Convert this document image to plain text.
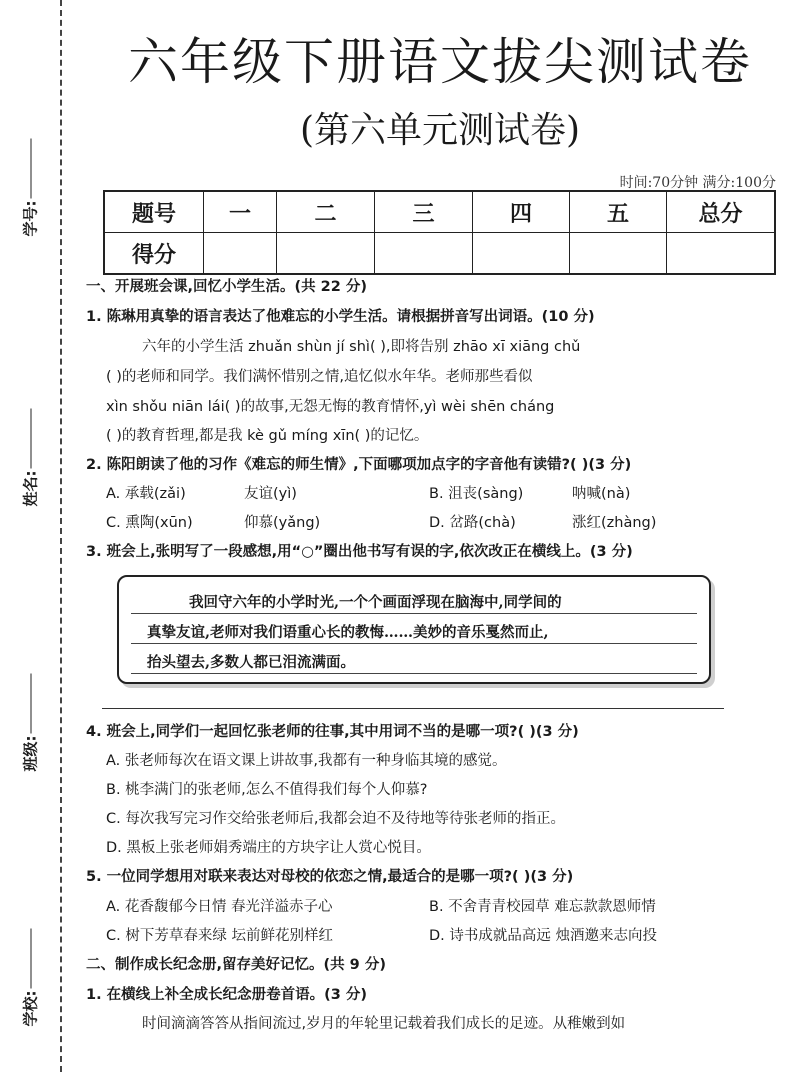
学号:
姓名:
班级:
学校:
六年级下册语文拔尖测试卷
(第六单元测试卷)
时间:70分钟 满分:100分
题号	一	二	三	四	五	总分
得分						
一、开展班会课,回忆小学生活。(共 22 分)
1. 陈琳用真挚的语言表达了他难忘的小学生活。请根据拼音写出词语。(10 分)
六年的小学生活 zhuǎn shùn jí shì( ),即将告别 zhāo xī xiāng chǔ
( )的老师和同学。我们满怀惜别之情,追忆似水年华。老师那些看似
xìn shǒu niān lái( )的故事,无怨无悔的教育情怀,yì wèi shēn cháng
( )的教育哲理,都是我 kè gǔ míng xīn( )的记忆。
2. 陈阳朗读了他的习作《难忘的师生情》,下面哪项加点字的字音他有读错?( )(3 分)
A. 承载(zǎi)	友谊(yì)	B. 沮丧(sàng)	呐喊(nà)
C. 熏陶(xūn)	仰慕(yǎng)	D. 岔路(chà)	涨红(zhàng)
3. 班会上,张明写了一段感想,用“○”圈出他书写有误的字,依次改正在横线上。(3 分)
我回守六年的小学时光,一个个画面浮现在脑海中,同学间的
真挚友谊,老师对我们语重心长的教悔……美妙的音乐戛然而止,
抬头望去,多数人都已泪流满面。
4. 班会上,同学们一起回忆张老师的往事,其中用词不当的是哪一项?( )(3 分)
A. 张老师每次在语文课上讲故事,我都有一种身临其境的感觉。
B. 桃李满门的张老师,怎么不值得我们每个人仰慕?
C. 每次我写完习作交给张老师后,我都会迫不及待地等待张老师的指正。
D. 黑板上张老师娟秀端庄的方块字让人赏心悦目。
5. 一位同学想用对联来表达对母校的依恋之情,最适合的是哪一项?( )(3 分)
A. 花香馥郁今日情 春光洋溢赤子心	B. 不舍青青校园草 难忘款款恩师情
C. 树下芳草春来绿 坛前鲜花别样红	D. 诗书成就品高远 烛酒邀来志向投
二、制作成长纪念册,留存美好记忆。(共 9 分)
1. 在横线上补全成长纪念册卷首语。(3 分)
时间滴滴答答从指间流过,岁月的年轮里记载着我们成长的足迹。从稚嫩到如
